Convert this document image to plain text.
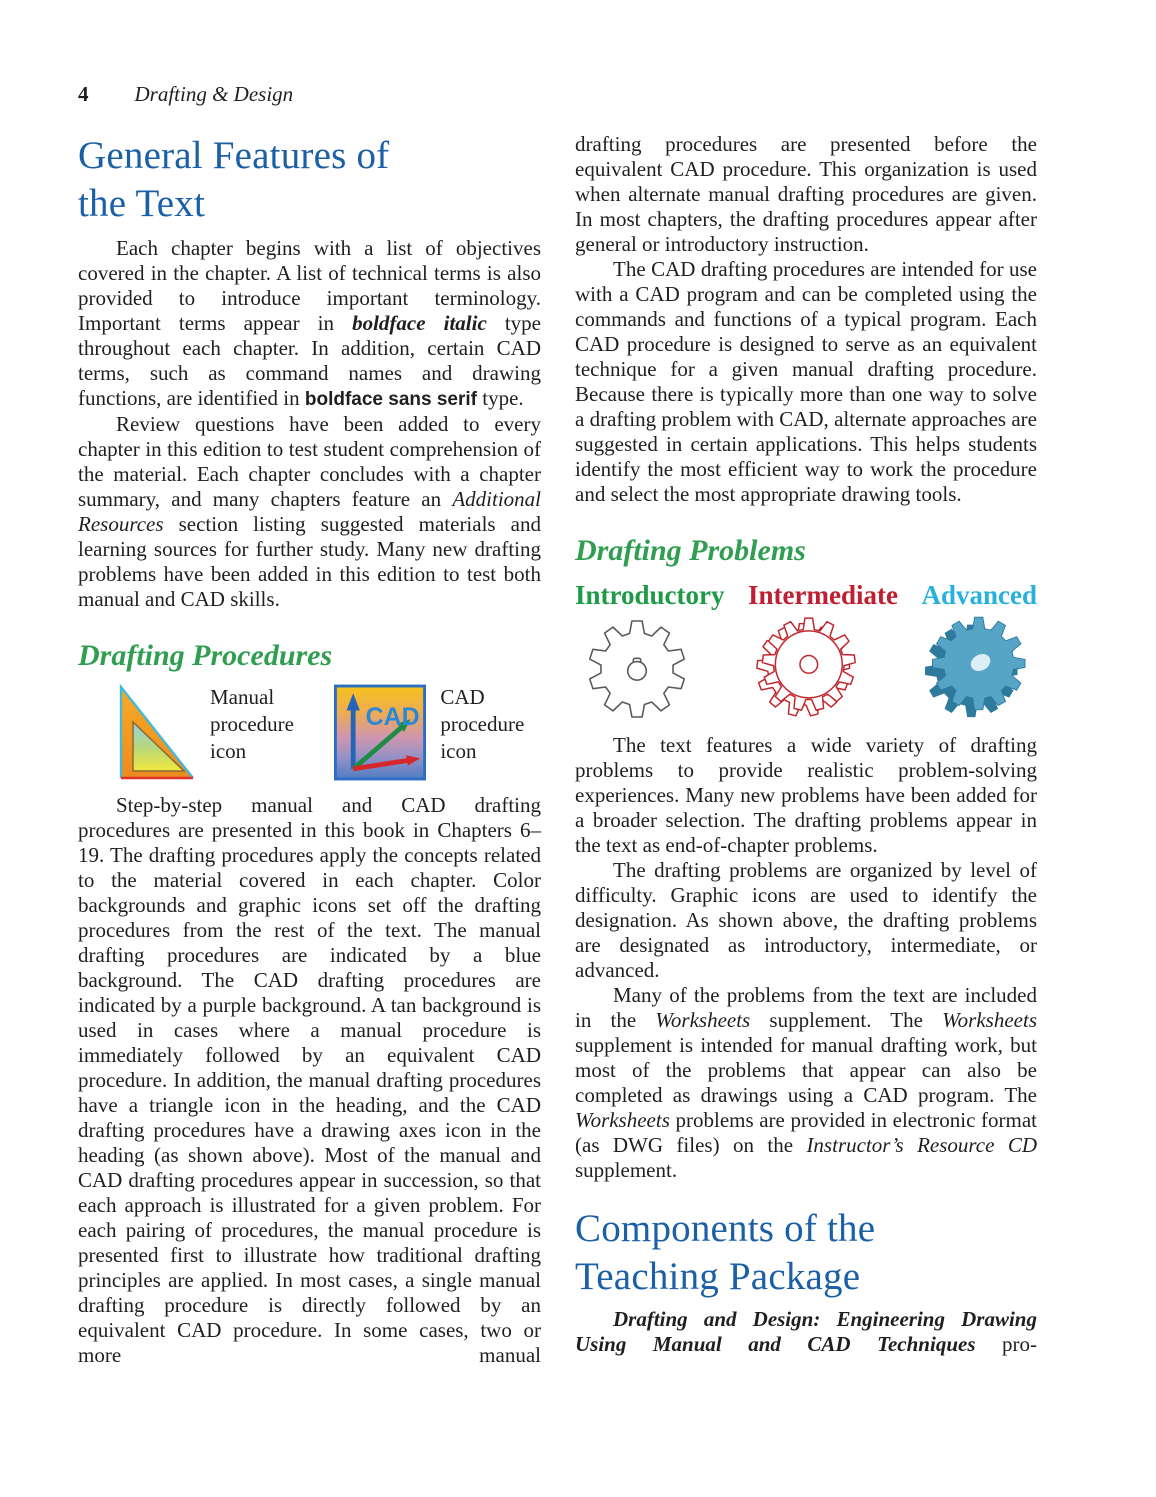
4 Drafting & Design
General Features of
the Text

Each chapter begins with a list of objectives covered in the chapter. A list of technical terms is also provided to introduce important terminology. Important terms appear in boldface italic type throughout each chapter. In addition, certain CAD terms, such as command names and drawing functions, are identified in boldface sans serif type.

Review questions have been added to every chapter in this edition to test student comprehension of the material. Each chapter concludes with a chapter summary, and many chapters feature an Additional Resources section listing suggested materials and learning sources for further study. Many new drafting problems have been added in this edition to test both manual and CAD skills.

Drafting Procedures
Manual procedure icon
CAD
CAD procedure icon

Step-by-step manual and CAD drafting procedures are presented in this book in Chapters 6–19. The drafting procedures apply the concepts related to the material covered in each chapter. Color backgrounds and graphic icons set off the drafting procedures from the rest of the text. The manual drafting procedures are indicated by a blue background. The CAD drafting procedures are indicated by a purple background. A tan background is used in cases where a manual procedure is immediately followed by an equivalent CAD procedure. In addition, the manual drafting procedures have a triangle icon in the heading, and the CAD drafting procedures have a drawing axes icon in the heading (as shown above). Most of the manual and CAD drafting procedures appear in succession, so that each approach is illustrated for a given problem. For each pairing of procedures, the manual procedure is presented first to illustrate how traditional drafting principles are applied. In most cases, a single manual drafting procedure is directly followed by an equivalent CAD procedure. In some cases, two or more manual

drafting procedures are presented before the equivalent CAD procedure. This organization is used when alternate manual drafting procedures are given. In most chapters, the drafting procedures appear after general or introductory instruction.

The CAD drafting procedures are intended for use with a CAD program and can be completed using the commands and functions of a typical program. Each CAD procedure is designed to serve as an equivalent technique for a given manual drafting procedure. Because there is typically more than one way to solve a drafting problem with CAD, alternate approaches are suggested in certain applications. This helps students identify the most efficient way to work the procedure and select the most appropriate drawing tools.

Drafting Problems
Introductory Intermediate Advanced

The text features a wide variety of drafting problems to provide realistic problem-solving experiences. Many new problems have been added for a broader selection. The drafting problems appear in the text as end-of-chapter problems.

The drafting problems are organized by level of difficulty. Graphic icons are used to identify the designation. As shown above, the drafting problems are designated as introductory, intermediate, or advanced.

Many of the problems from the text are included in the Worksheets supplement. The Worksheets supplement is intended for manual drafting work, but most of the problems that appear can also be completed as drawings using a CAD program. The Worksheets problems are provided in electronic format (as DWG files) on the Instructor’s Resource CD supplement.

Components of the
Teaching Package

Drafting and Design: Engineering Drawing Using Manual and CAD Techniques pro-
